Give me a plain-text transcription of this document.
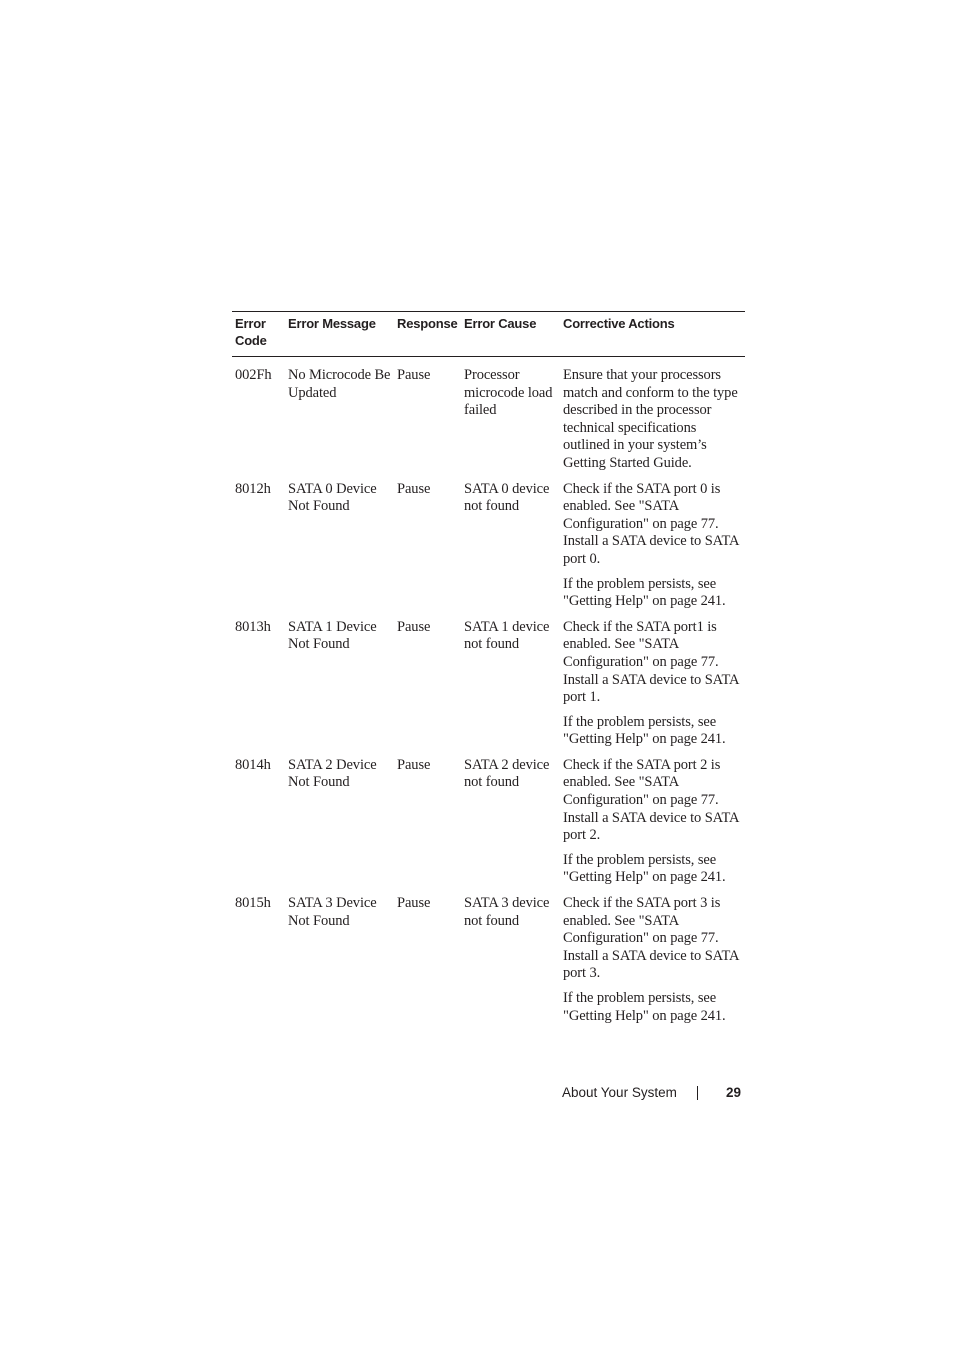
Error Code	Error Message	Response	Error Cause	Corrective Actions
002Fh	No Microcode Be Updated	Pause	Processor microcode load failed	Ensure that your processors match and conform to the type described in the processor technical specifications outlined in your system’s Getting Started Guide.

8012h	SATA 0 Device Not Found	Pause	SATA 0 device not found	Check if the SATA port 0 is enabled. See "SATA Configuration" on page 77. Install a SATA device to SATA port 0.

If the problem persists, see "Getting Help" on page 241.

8013h	SATA 1 Device Not Found	Pause	SATA 1 device not found	Check if the SATA port1 is enabled. See "SATA Configuration" on page 77. Install a SATA device to SATA port 1.

If the problem persists, see "Getting Help" on page 241.

8014h	SATA 2 Device Not Found	Pause	SATA 2 device not found	Check if the SATA port 2 is enabled. See "SATA Configuration" on page 77. Install a SATA device to SATA port 2.

If the problem persists, see "Getting Help" on page 241.

8015h	SATA 3 Device Not Found	Pause	SATA 3 device not found	Check if the SATA port 3 is enabled. See "SATA Configuration" on page 77. Install a SATA device to SATA port 3.

If the problem persists, see "Getting Help" on page 241.

About Your System	29
